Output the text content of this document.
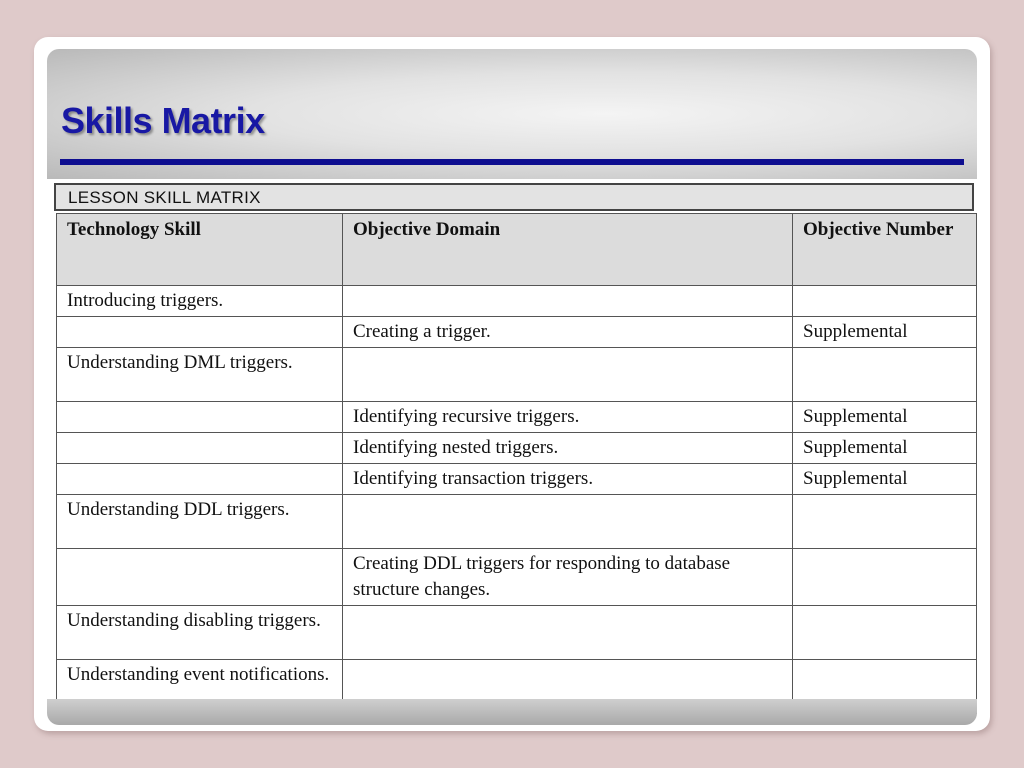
Skills Matrix
LESSON SKILL MATRIX
Technology Skill	Objective Domain	Objective Number
Introducing triggers.		
	Creating a trigger.	Supplemental
Understanding DML triggers.		
	Identifying recursive triggers.	Supplemental
	Identifying nested triggers.	Supplemental
	Identifying transaction triggers.	Supplemental
Understanding DDL triggers.		
	Creating DDL triggers for responding to database structure changes.	
Understanding disabling triggers.		
Understanding event notifications.		
